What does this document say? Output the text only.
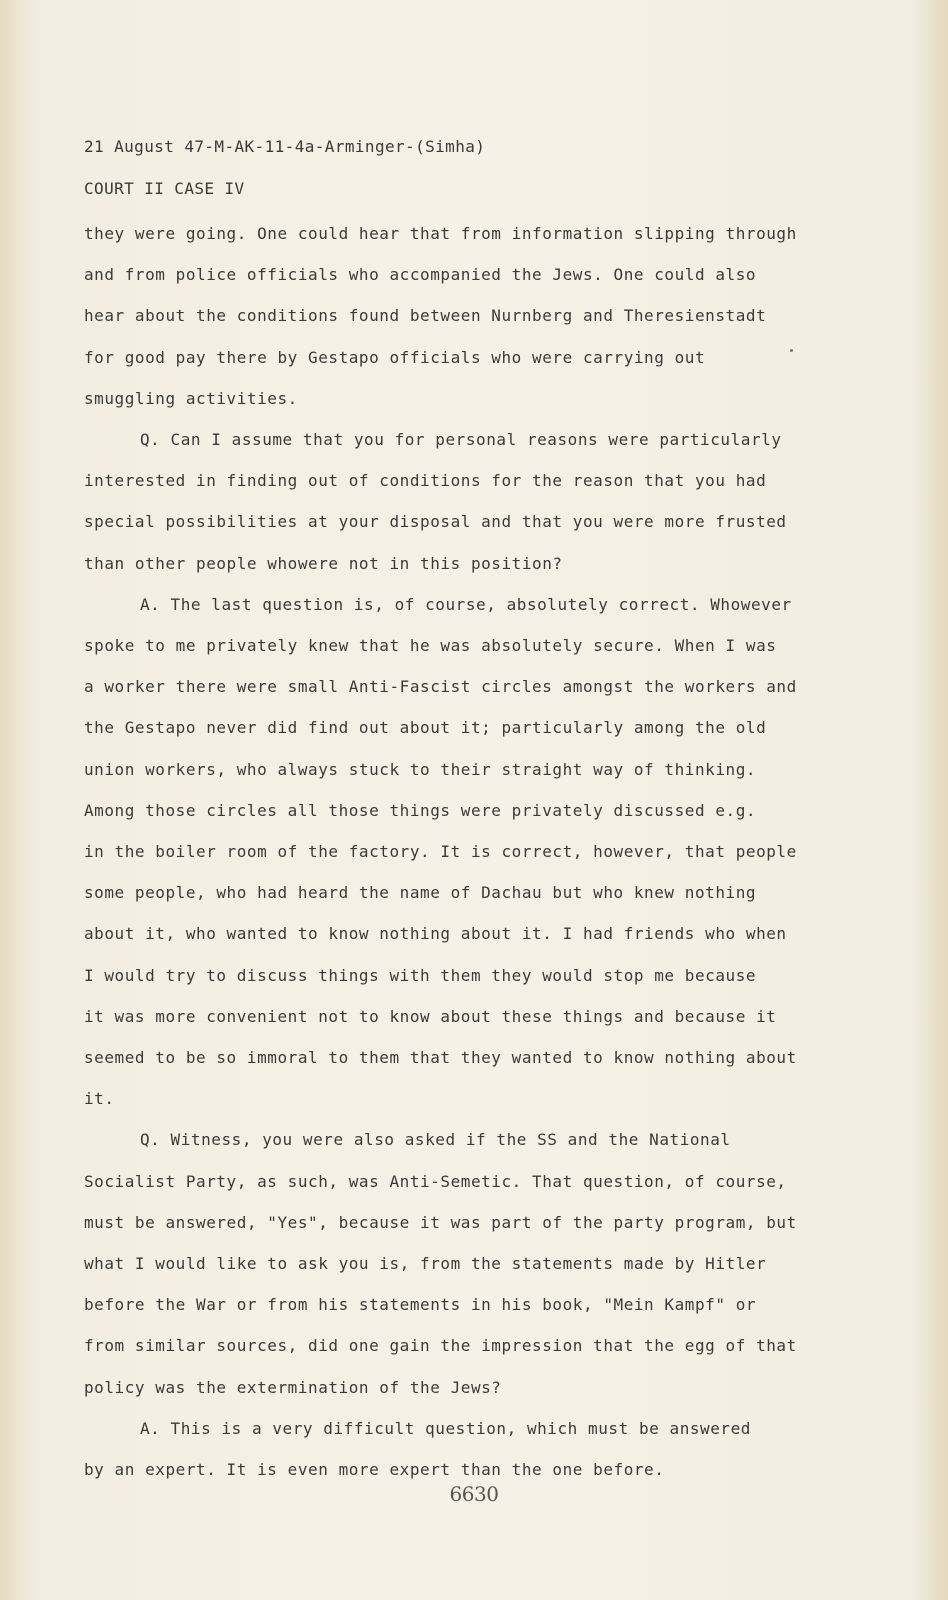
21 August 47-M-AK-11-4a-Arminger-(Simha)
COURT II CASE IV
they were going. One could hear that from information slipping through
and from police officials who accompanied the Jews. One could also
hear about the conditions found between Nurnberg and Theresienstadt
for good pay there by Gestapo officials who were carrying out
smuggling activities.
Q. Can I assume that you for personal reasons were particularly
interested in finding out of conditions for the reason that you had
special possibilities at your disposal and that you were more frusted
than other people whowere not in this position?
A. The last question is, of course, absolutely correct. Whowever
spoke to me privately knew that he was absolutely secure. When I was
a worker there were small Anti-Fascist circles amongst the workers and
the Gestapo never did find out about it; particularly among the old
union workers, who always stuck to their straight way of thinking.
Among those circles all those things were privately discussed e.g.
in the boiler room of the factory. It is correct, however, that people
some people, who had heard the name of Dachau but who knew nothing
about it, who wanted to know nothing about it. I had friends who when
I would try to discuss things with them they would stop me because
it was more convenient not to know about these things and because it
seemed to be so immoral to them that they wanted to know nothing about
it.
Q. Witness, you were also asked if the SS and the National
Socialist Party, as such, was Anti-Semetic. That question, of course,
must be answered, "Yes", because it was part of the party program, but
what I would like to ask you is, from the statements made by Hitler
before the War or from his statements in his book, "Mein Kampf" or
from similar sources, did one gain the impression that the egg of that
policy was the extermination of the Jews?
A. This is a very difficult question, which must be answered
by an expert. It is even more expert than the one before.
6630
